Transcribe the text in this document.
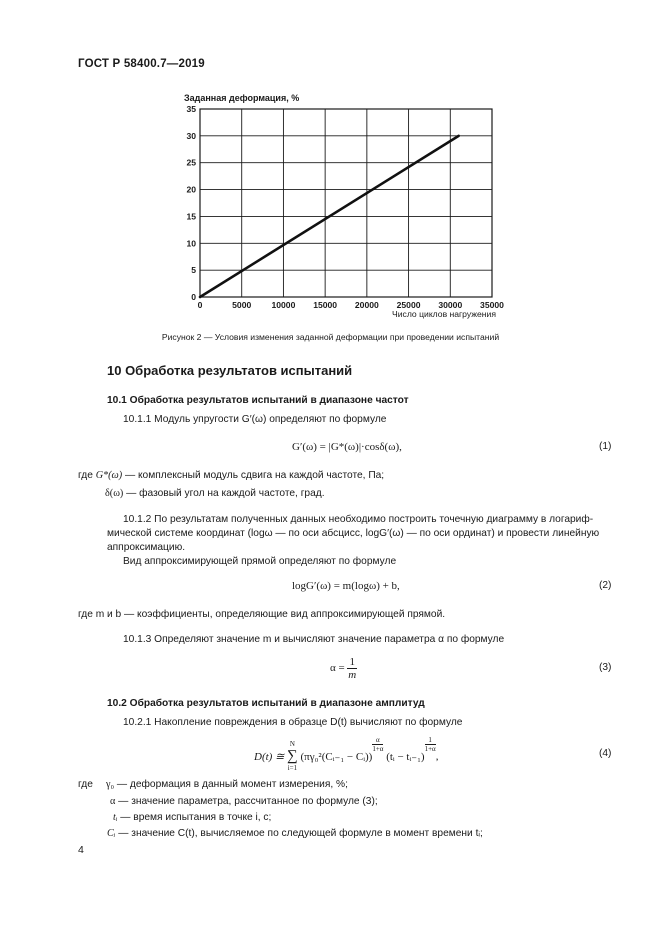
ГОСТ Р 58400.7—2019
Заданная деформация, %
0
5
10
15
20
25
30
35
0	5000 10000 15000 20000 25000 30000 35000
Число циклов нагружения
Рисунок 2 — Условия изменения заданной деформации при проведении испытаний
10 Обработка результатов испытаний
10.1 Обработка результатов испытаний в диапазоне частот
10.1.1 Модуль упругости G′(ω) определяют по формуле
G′(ω) = |G*(ω)|·cosδ(ω),	(1)
где G*(ω) — комплексный модуль сдвига на каждой частоте, Па;
δ(ω) — фазовый угол на каждой частоте, град.
10.1.2 По результатам полученных данных необходимо построить точечную диаграмму в логариф-
мической системе координат (logω — по оси абсцисс, logG′(ω) — по оси ординат) и провести линейную
аппроксимацию.
Вид аппроксимирующей прямой определяют по формуле
logG′(ω) = m(logω) + b,	(2)
где m и b — коэффициенты, определяющие вид аппроксимирующей прямой.
10.1.3 Определяют значение m и вычисляют значение параметра α по формуле
$\alpha = \frac{1}{m}$	(3)
10.2 Обработка результатов испытаний в диапазоне амплитуд
10.2.1 Накопление повреждения в образце D(t) вычисляют по формуле
D(t) ≅
N
∑
i=1
(πγ₀²(Cᵢ₋₁ − Cᵢ))
$\frac{\alpha}{1+\alpha}$
(tᵢ − tᵢ₋₁)
$\frac{1}{1+\alpha}$
,	(4)
где γ₀ — деформация в данный момент измерения, %;
α — значение параметра, рассчитанное по формуле (3);
tᵢ — время испытания в точке i, с;
Cᵢ — значение C(t), вычисляемое по следующей формуле в момент времени tᵢ;
4
